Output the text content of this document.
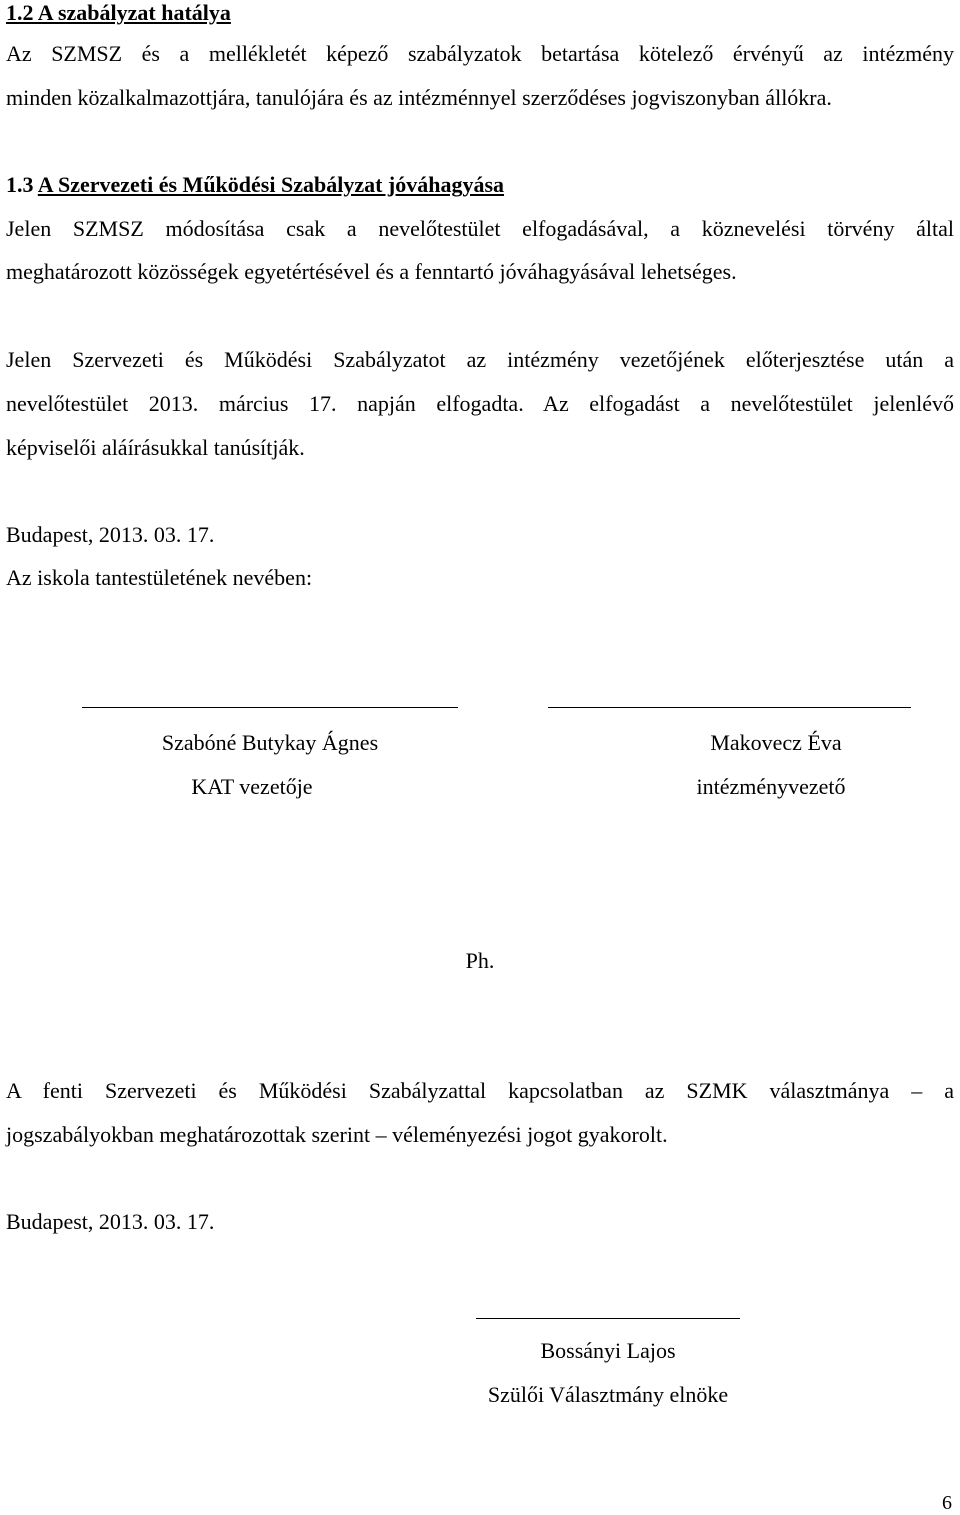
1.2 A szabályzat hatálya
Az SZMSZ és a mellékletét képező szabályzatok betartása kötelező érvényű az intézmény
minden közalkalmazottjára, tanulójára és az intézménnyel szerződéses jogviszonyban állókra.
1.3 A Szervezeti és Működési Szabályzat jóváhagyása
Jelen SZMSZ módosítása csak a nevelőtestület elfogadásával, a köznevelési törvény által
meghatározott közösségek egyetértésével és a fenntartó jóváhagyásával lehetséges.
Jelen Szervezeti és Működési Szabályzatot az intézmény vezetőjének előterjesztése után a
nevelőtestület 2013. március 17. napján elfogadta. Az elfogadást a nevelőtestület jelenlévő
képviselői aláírásukkal tanúsítják.
Budapest, 2013. 03. 17.
Az iskola tantestületének nevében:
Szabóné Butykay Ágnes
KAT vezetője
Makovecz Éva
intézményvezető
Ph.
A fenti Szervezeti és Működési Szabályzattal kapcsolatban az SZMK választmánya – a
jogszabályokban meghatározottak szerint – véleményezési jogot gyakorolt.
Budapest, 2013. 03. 17.
Bossányi Lajos
Szülői Választmány elnöke
6
